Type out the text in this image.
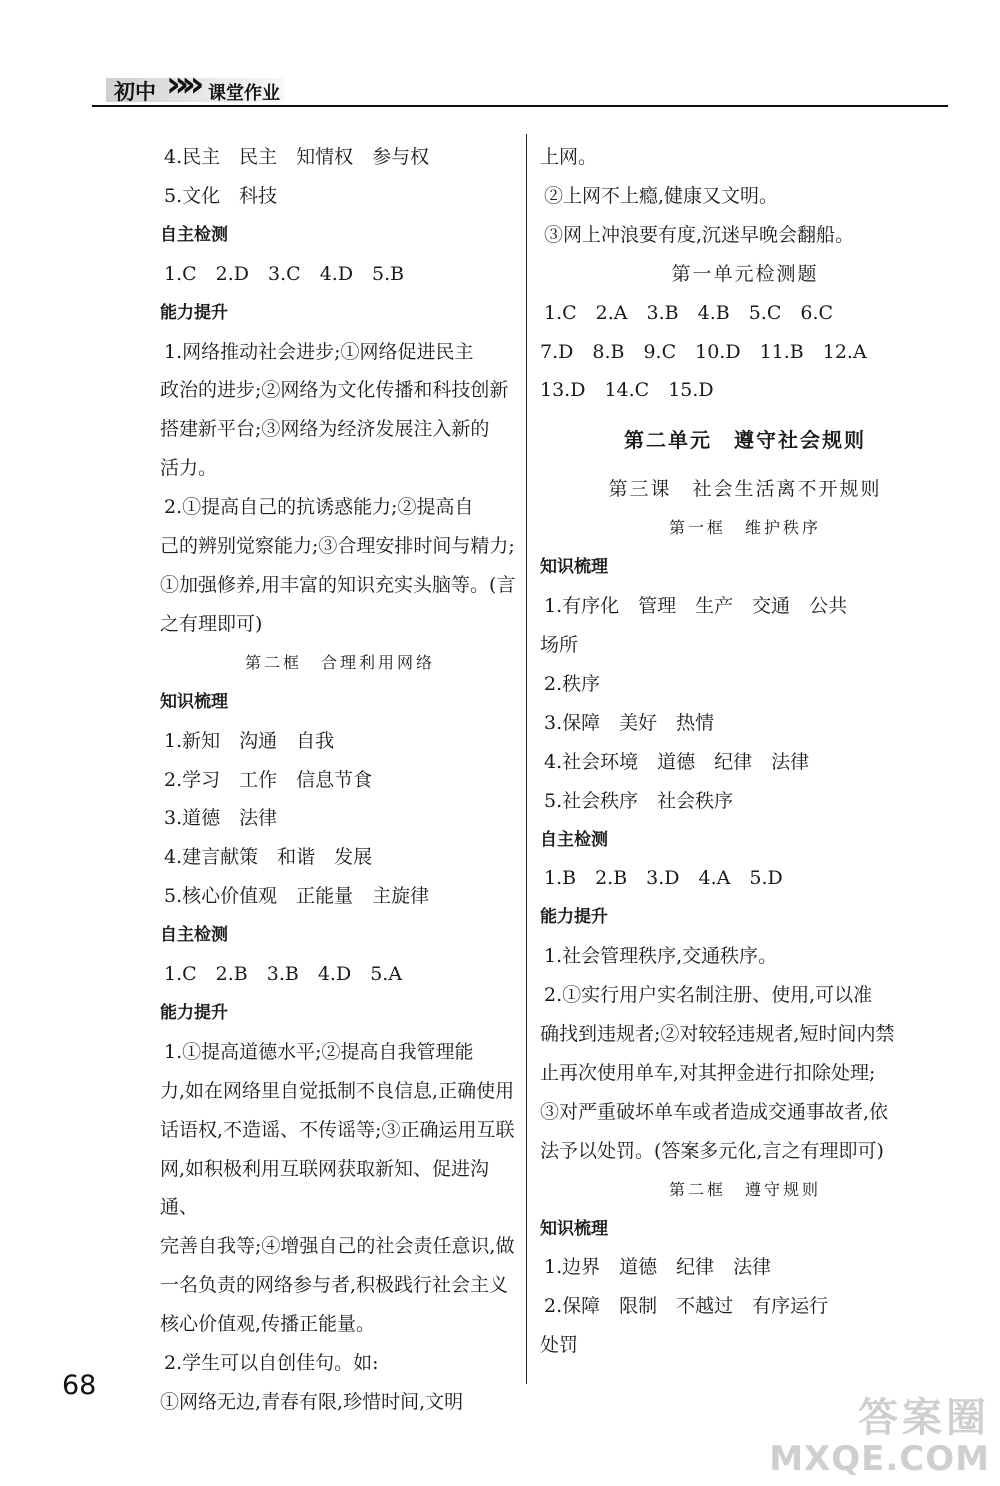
初中 »» 课堂作业

4.民主　民主　知情权　参与权

5.文化　科技

自主检测

1.C　2.D　3.C　4.D　5.B

能力提升

1.网络推动社会进步;①网络促进民主

政治的进步;②网络为文化传播和科技创新

搭建新平台;③网络为经济发展注入新的

活力。

2.①提高自己的抗诱惑能力;②提高自

己的辨别觉察能力;③合理安排时间与精力;

①加强修养,用丰富的知识充实头脑等。(言

之有理即可)

第二框　合理利用网络

知识梳理

1.新知　沟通　自我

2.学习　工作　信息节食

3.道德　法律

4.建言献策　和谐　发展

5.核心价值观　正能量　主旋律

自主检测

1.C　2.B　3.B　4.D　5.A

能力提升

1.①提高道德水平;②提高自我管理能

力,如在网络里自觉抵制不良信息,正确使用

话语权,不造谣、不传谣等;③正确运用互联

网,如积极利用互联网获取新知、促进沟通、

完善自我等;④增强自己的社会责任意识,做

一名负责的网络参与者,积极践行社会主义

核心价值观,传播正能量。

2.学生可以自创佳句。如:

①网络无边,青春有限,珍惜时间,文明

上网。

②上网不上瘾,健康又文明。

③网上冲浪要有度,沉迷早晚会翻船。

第一单元检测题

1.C　2.A　3.B　4.B　5.C　6.C

7.D　8.B　9.C　10.D　11.B　12.A

13.D　14.C　15.D

第二单元　遵守社会规则

第三课　社会生活离不开规则

第一框　维护秩序

知识梳理

1.有序化　管理　生产　交通　公共

场所

2.秩序

3.保障　美好　热情

4.社会环境　道德　纪律　法律

5.社会秩序　社会秩序

自主检测

1.B　2.B　3.D　4.A　5.D

能力提升

1.社会管理秩序,交通秩序。

2.①实行用户实名制注册、使用,可以准

确找到违规者;②对较轻违规者,短时间内禁

止再次使用单车,对其押金进行扣除处理;

③对严重破坏单车或者造成交通事故者,依

法予以处罚。(答案多元化,言之有理即可)

第二框　遵守规则

知识梳理

1.边界　道德　纪律　法律

2.保障　限制　不越过　有序运行

处罚

68
答案圈
MXQE.COM
